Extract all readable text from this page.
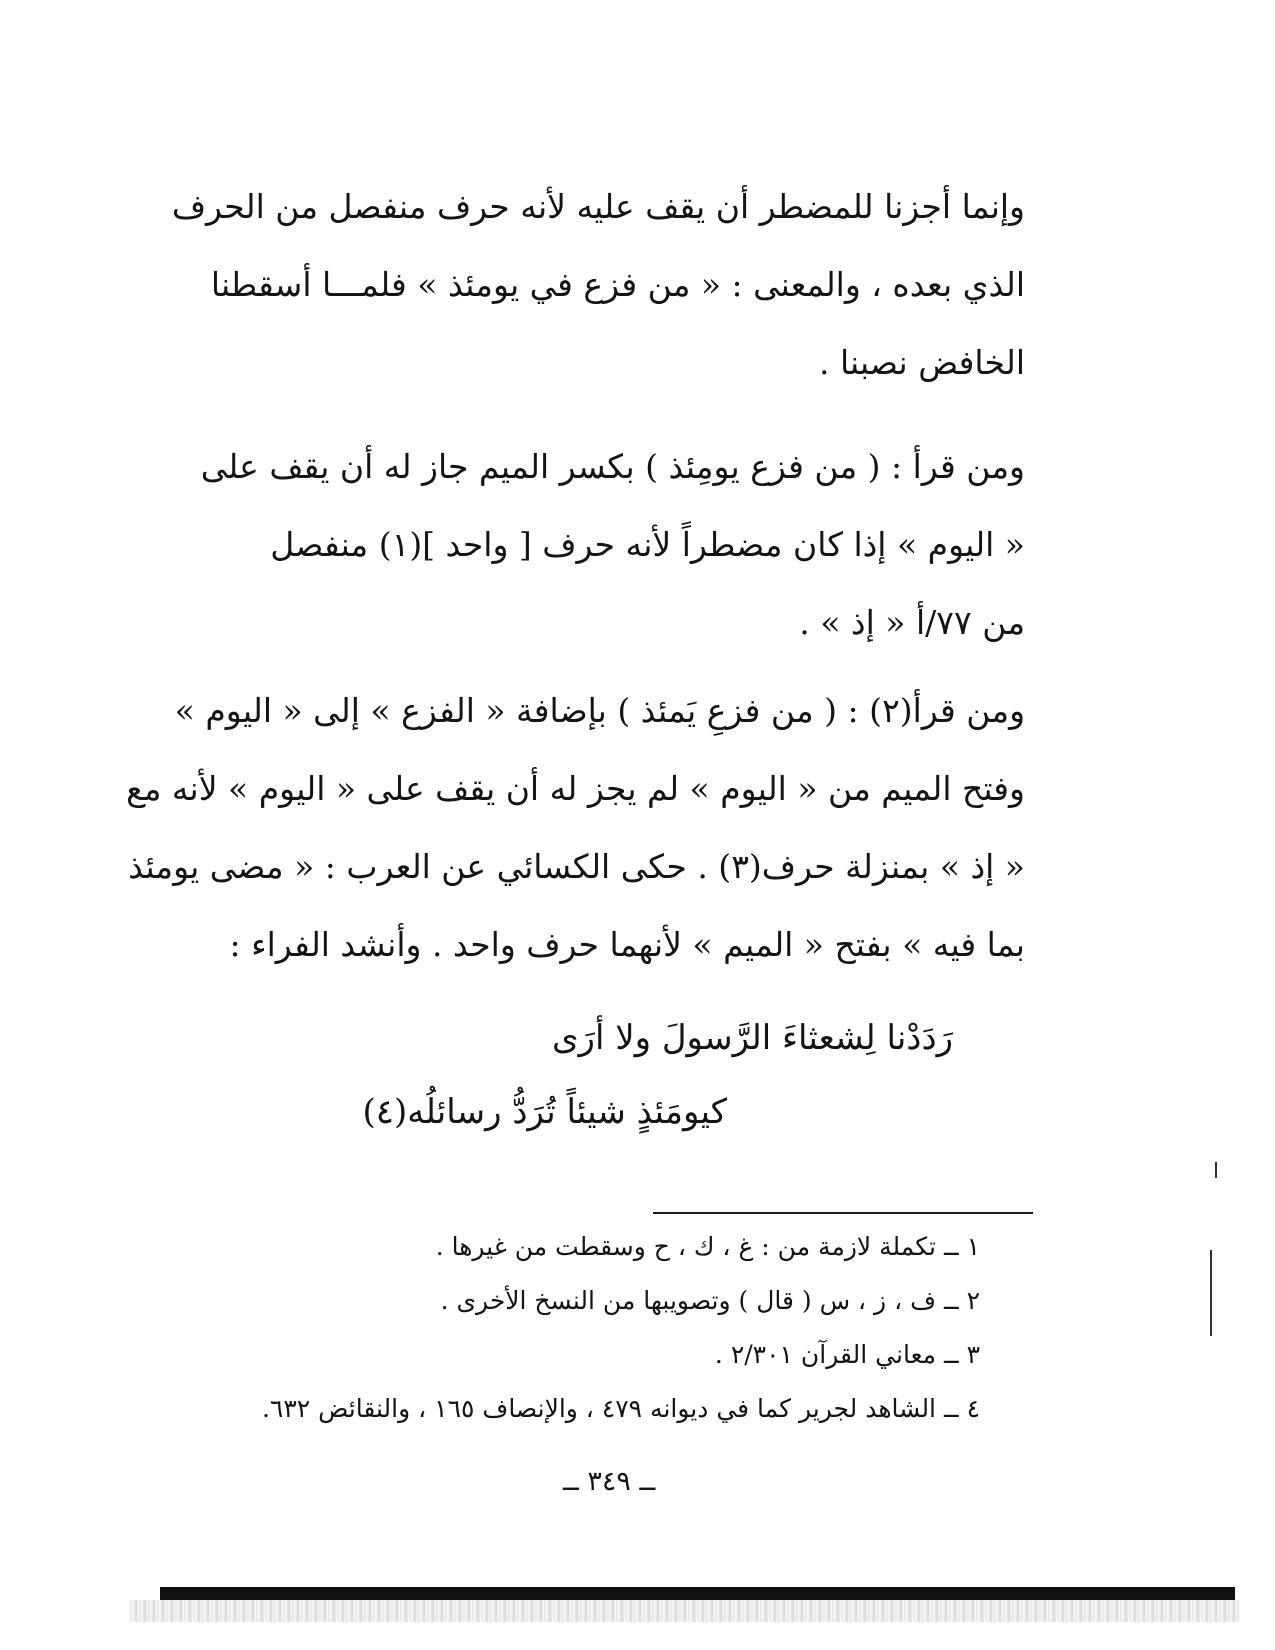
وإنما أجزنا للمضطر أن يقف عليه لأنه حرف منفصل من الحرف
الذي بعده ، والمعنى : « من فزع في يومئذ » فلمـــا أسقطنا
الخافض نصبنا .
ومن قرأ : ( من فزع يومِئذ ) بكسر الميم جاز له أن يقف على
« اليوم » إذا كان مضطراً لأنه حرف [ واحد ](١) منفصل
من ٧٧/أ « إذ » .
ومن قرأ(٢) : ( من فزعِ يَمئذ ) بإضافة « الفزع » إلى « اليوم »
وفتح الميم من « اليوم » لم يجز له أن يقف على « اليوم » لأنه مع
« إذ » بمنزلة حرف(٣) . حكى الكسائي عن العرب : « مضى يومئذ
بما فيه » بفتح « الميم » لأنهما حرف واحد . وأنشد الفراء :
رَدَدْنا لِشعثاءَ الرَّسولَ ولا أرَى
كيومَئذٍ شيئاً تُرَدُّ رسائلُه(٤)
١ ــ تكملة لازمة من : غ ، ك ، ح وسقطت من غيرها .
٢ ــ ف ، ز ، س ( قال ) وتصويبها من النسخ الأخرى .
٣ ــ معاني القرآن ٢/٣٠١ .
٤ ــ الشاهد لجرير كما في ديوانه ٤٧٩ ، والإنصاف ١٦٥ ، والنقائض ٦٣٢.
ــ ٣٤٩ ــ
